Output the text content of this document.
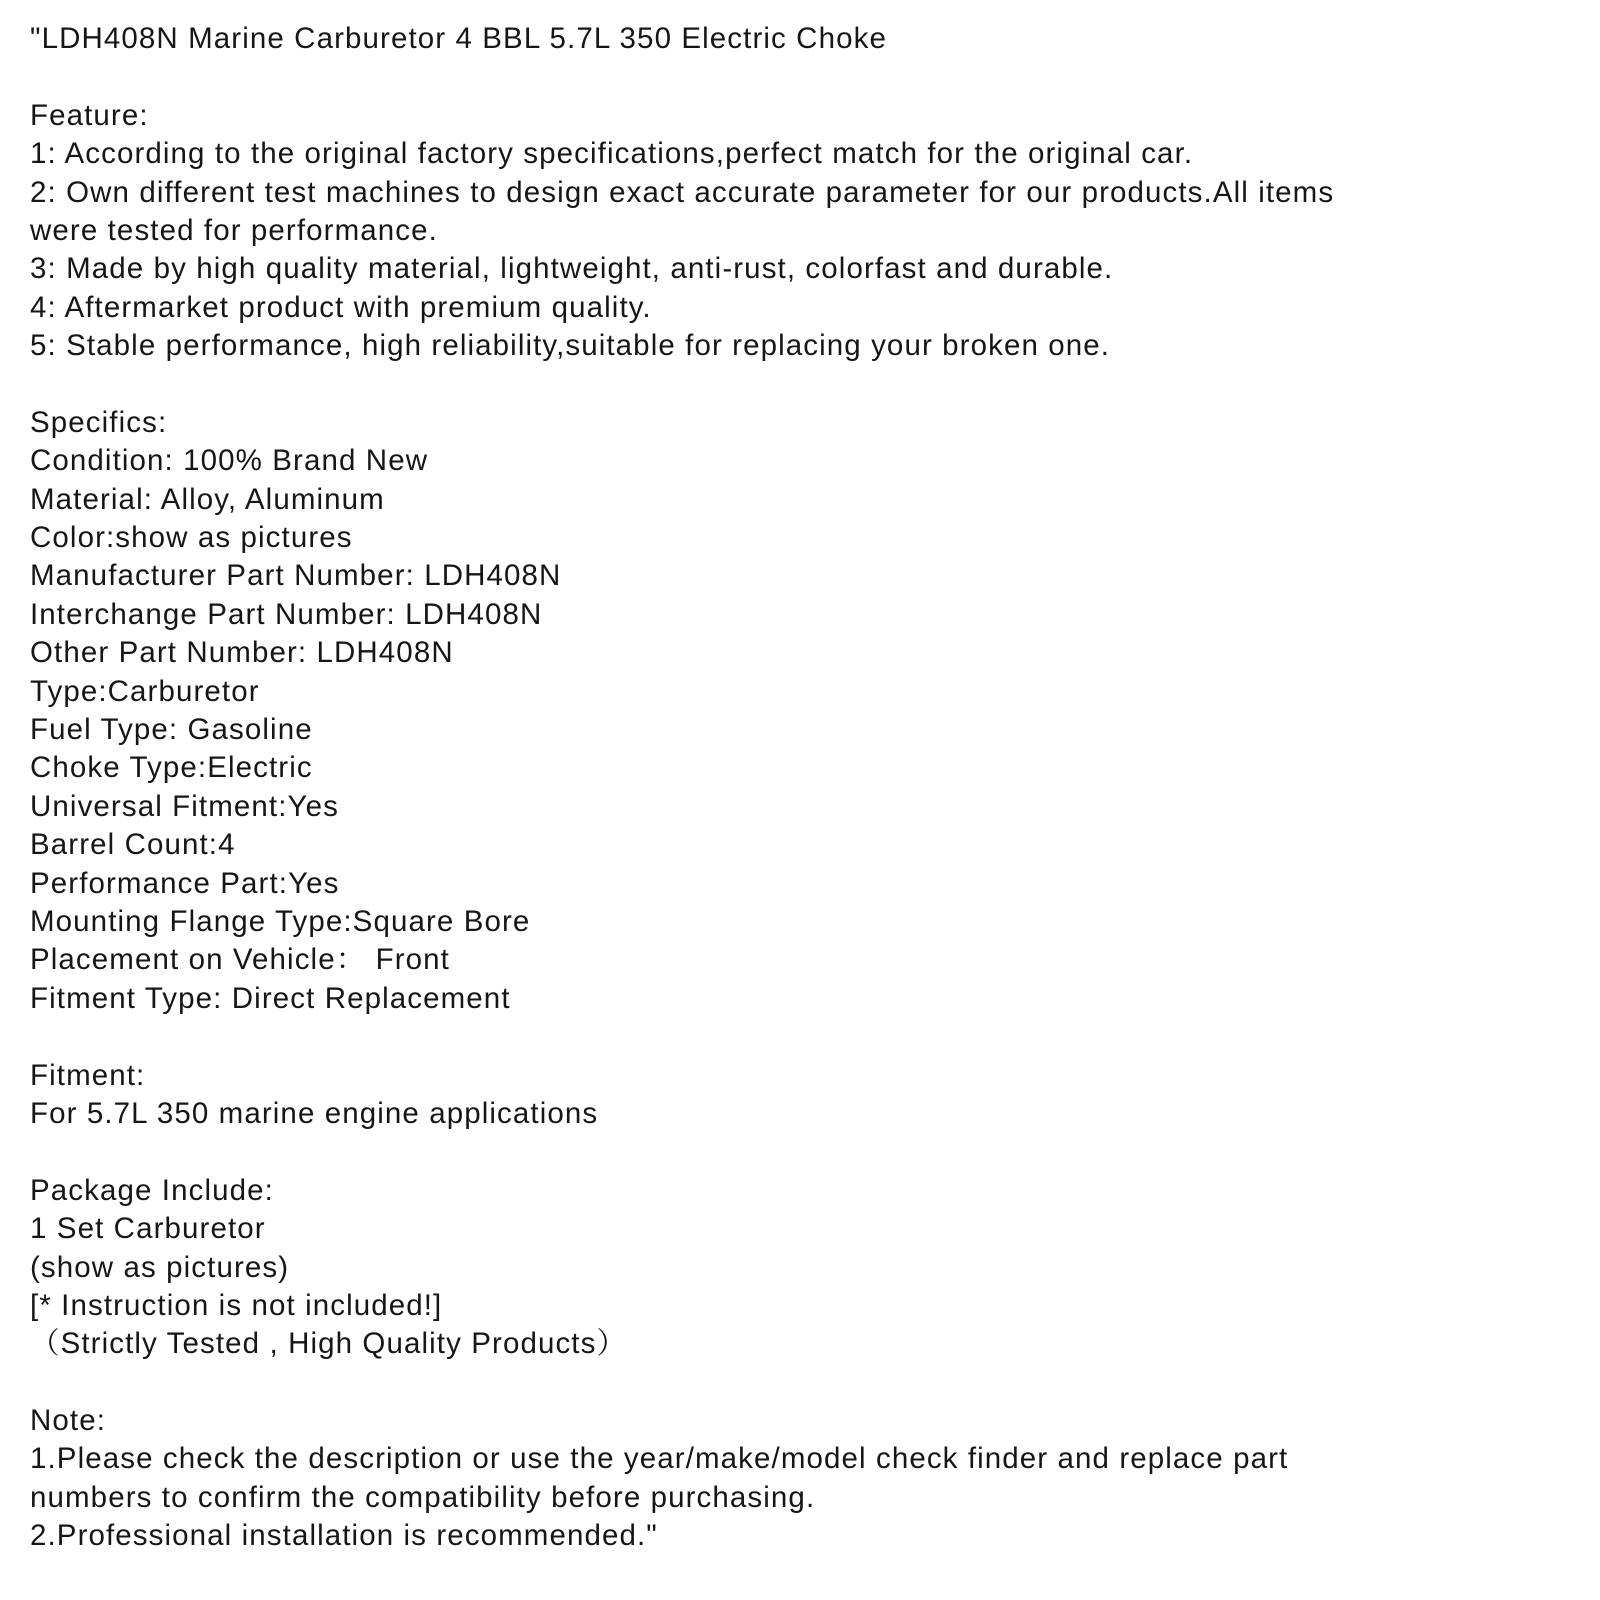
"LDH408N Marine Carburetor 4 BBL 5.7L 350 Electric Choke

Feature:
1: According to the original factory specifications,perfect match for the original car.
2: Own different test machines to design exact accurate parameter for our products.All items
were tested for performance.
3: Made by high quality material, lightweight, anti-rust, colorfast and durable.
4: Aftermarket product with premium quality.
5: Stable performance, high reliability,suitable for replacing your broken one.

Specifics:
Condition: 100% Brand New
Material: Alloy, Aluminum
Color:show as pictures
Manufacturer Part Number: LDH408N
Interchange Part Number: LDH408N
Other Part Number: LDH408N
Type:Carburetor
Fuel Type: Gasoline
Choke Type:Electric
Universal Fitment:Yes
Barrel Count:4
Performance Part:Yes
Mounting Flange Type:Square Bore
Placement on Vehicle： Front
Fitment Type: Direct Replacement

Fitment:
For 5.7L 350 marine engine applications

Package Include:
1 Set Carburetor
(show as pictures)
[* Instruction is not included!]
（Strictly Tested , High Quality Products）

Note:
1.Please check the description or use the year/make/model check finder and replace part
numbers to confirm the compatibility before purchasing.
2.Professional installation is recommended."
